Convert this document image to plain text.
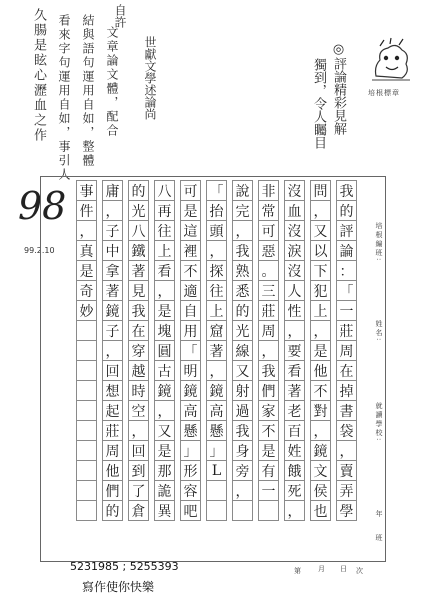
世獻文學述論尚	◎評論精彩見解
獨到，令人矚目
久腸是眩心瀝血之作 看來字句運用自如，事引人 結與語句運用自如，整體 文章論文體，配合
自許
培根標章
98
99.2.10
我
的
評
論
：
「
一
莊
周
在
掉
書
袋
，
賣
弄
學
問
，
又
以
下
犯
上
，
是
他
不
對
，
鏡
文
侯
也
沒
血
沒
淚
沒
人
性
，
要
看
著
老
百
姓
餓
死
，
非
常
可
惡
。
三
莊
周
，
我
們
家
不
是
有
一
說
完
，
我
熟
悉
的
光
線
又
射
過
我
身
旁
，
「
抬
頭
，
探
往
上
窟
著
，
鏡
高
懸
」
L
可
是
這
裡
不
適
自
用
「
明
鏡
高
懸
」
形
容
吧
八
再
往
上
看
，
是
塊
圓
古
鏡
，
又
是
那
詭
異
的
光
八
鐵
著
見
我
在
穿
越
時
空
，
回
到
了
倉
庸
，
子
中
拿
著
鏡
子
，
回
想
起
莊
周
他
們
的
事
件
，
真
是
奇
妙
培根編班:
姓名:
就讀學校:
年
班
第 月 日 次
5231985 ; 5255393
寫作使你快樂
